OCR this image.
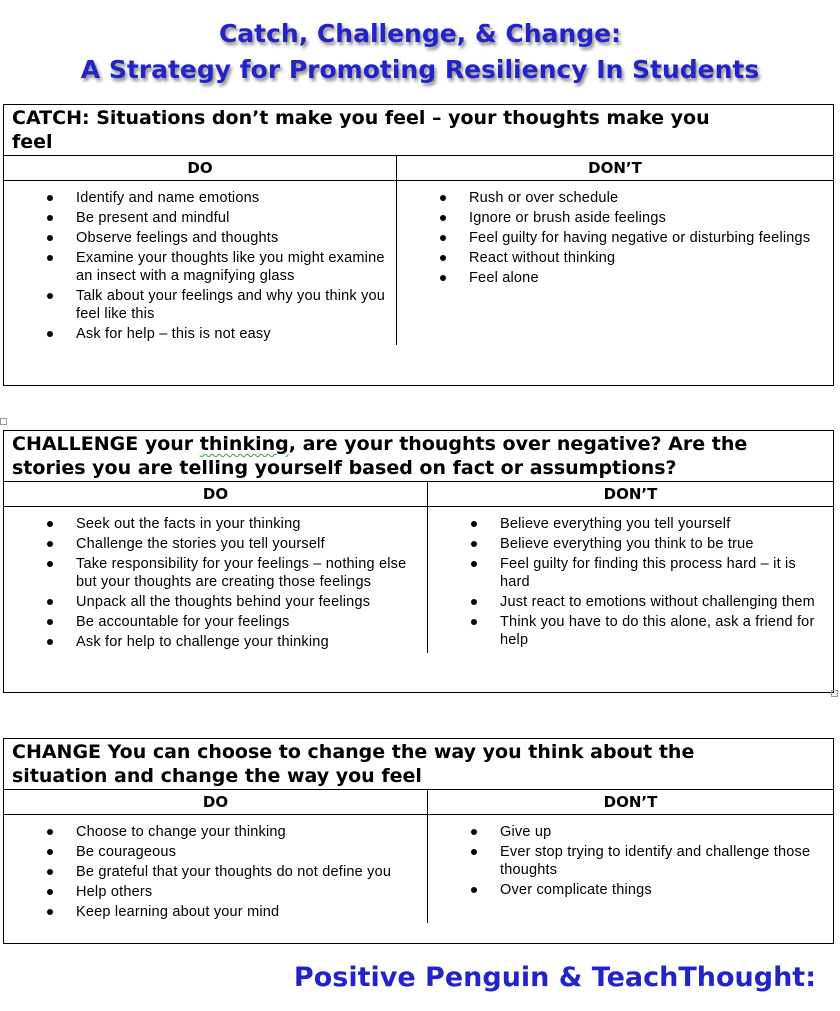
Catch, Challenge, & Change:
A Strategy for Promoting Resiliency In Students
CATCH: Situations don’t make you feel – your thoughts make you
feel
DO
Identify and name emotions
Be present and mindful
Observe feelings and thoughts
Examine your thoughts like you might examine an insect with a magnifying glass
Talk about your feelings and why you think you feel like this
Ask for help – this is not easy
DON’T
Rush or over schedule
Ignore or brush aside feelings
Feel guilty for having negative or disturbing feelings
React without thinking
Feel alone
CHALLENGE your thinking, are your thoughts over negative? Are the
stories you are telling yourself based on fact or assumptions?
DO
Seek out the facts in your thinking
Challenge the stories you tell yourself
Take responsibility for your feelings – nothing else but your thoughts are creating those feelings
Unpack all the thoughts behind your feelings
Be accountable for your feelings
Ask for help to challenge your thinking
DON’T
Believe everything you tell yourself
Believe everything you think to be true
Feel guilty for finding this process hard – it is hard
Just react to emotions without challenging them
Think you have to do this alone, ask a friend for help
CHANGE You can choose to change the way you think about the
situation and change the way you feel
DO
Choose to change your thinking
Be courageous
Be grateful that your thoughts do not define you
Help others
Keep learning about your mind
DON’T
Give up
Ever stop trying to identify and challenge those thoughts
Over complicate things
Positive Penguin & TeachThought:
